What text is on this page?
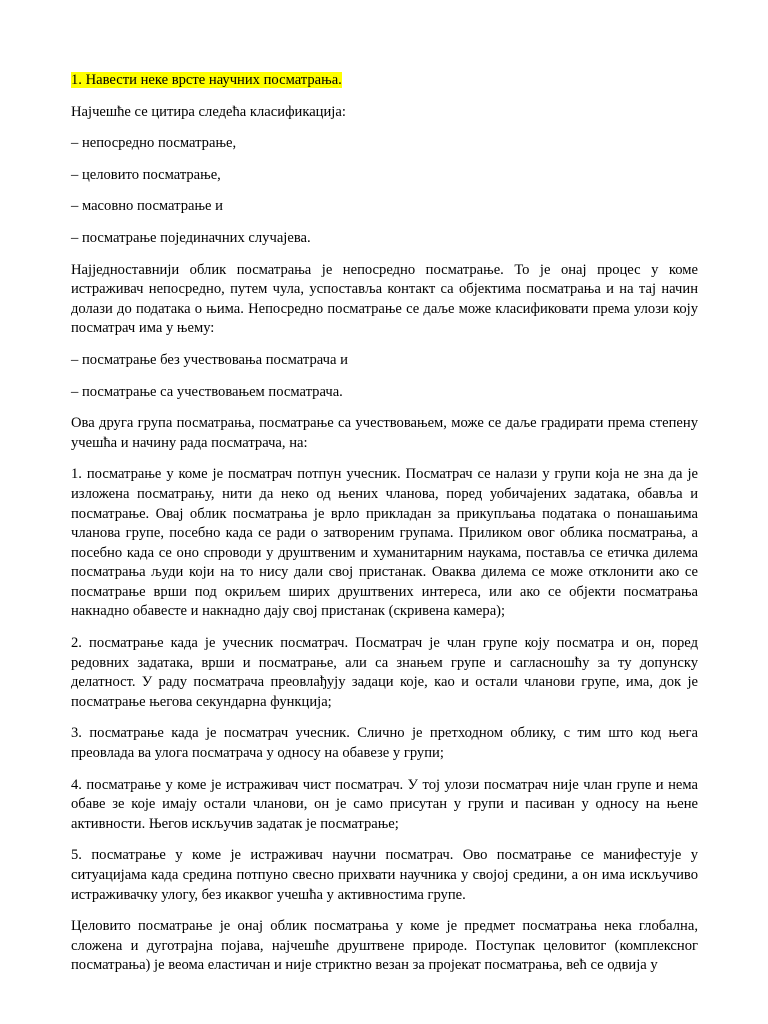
1. Навести неке врсте научних посматрања.

Најчешће се цитира следећа класификација:

– непосредно посматрање,

– целовито посматрање,

– масовно посматрање и

– посматрање појединачних случајева.

Најједноставнији облик посматрања је непосредно посматрање. То је онај процес у коме истраживач непосредно, путем чула, успоставља контакт са објектима посматрања и на тај начин долази до података о њима. Непосредно посматрање се даље може класификовати према улози коју посматрач има у њему:

– посматрање без учествовања посматрача и

– посматрање са учествовањем посматрача.

Ова друга група посматрања, посматрање са учествовањем, може се даље градирати према степену учешћа и начину рада посматрача, на:

1. посматрање у коме је посматрач потпун учесник. Посматрач се налази у групи која не зна да је изложена посматрању, нити да неко од њених чланова, поред уобичајених задатака, обавља и посматрање. Овај облик посматрања је врло прикладан за прикупљања података о понашањима чланова групе, посебно када се ради о затвореним групама. Приликом овог облика посматрања, а посебно када се оно спроводи у друштвеним и хуманитарним наукама, поставља се етичка дилема посматрања људи који на то нису дали свој пристанак. Оваква дилема се може отклонити ако се посматрање врши под окриљем ширих друштвених интереса, или ако се објекти посматрања накнадно обавесте и накнадно дају свој пристанак (скривена камера);

2. посматрање када је учесник посматрач. Посматрач је члан групе коју посматра и он, поред редовних задатака, врши и посматрање, али са знањем групе и сагласношћу за ту допунску делатност. У раду посматрача преовлађују задаци које, као и остали чланови групе, има, док је посматрање његова секундарна функција;

3. посматрање када је посматрач учесник. Слично је претходном облику, с тим што код њега преовлада ва улога посматрача у односу на обавезе у групи;

4. посматрање у коме је истраживач чист посматрач. У тој улози посматрач није члан групе и нема обаве зе које имају остали чланови, он је само присутан у групи и пасиван у односу на њене активности. Његов искључив задатак је посматрање;

5. посматрање у коме је истраживач научни посматрач. Ово посматрање се манифестује у ситуацијама када средина потпуно свесно прихвати научника у својој средини, а он има искључиво истраживачку улогу, без икаквог учешћа у активностима групе.

Целовито посматрање је онај облик посматрања у коме је предмет посматрања нека глобална, сложена и дуготрајна појава, најчешће друштвене природе. Поступак целовитог (комплексног посматрања) је веома еластичан и није стриктно везан за пројекат посматрања, већ се одвија у
